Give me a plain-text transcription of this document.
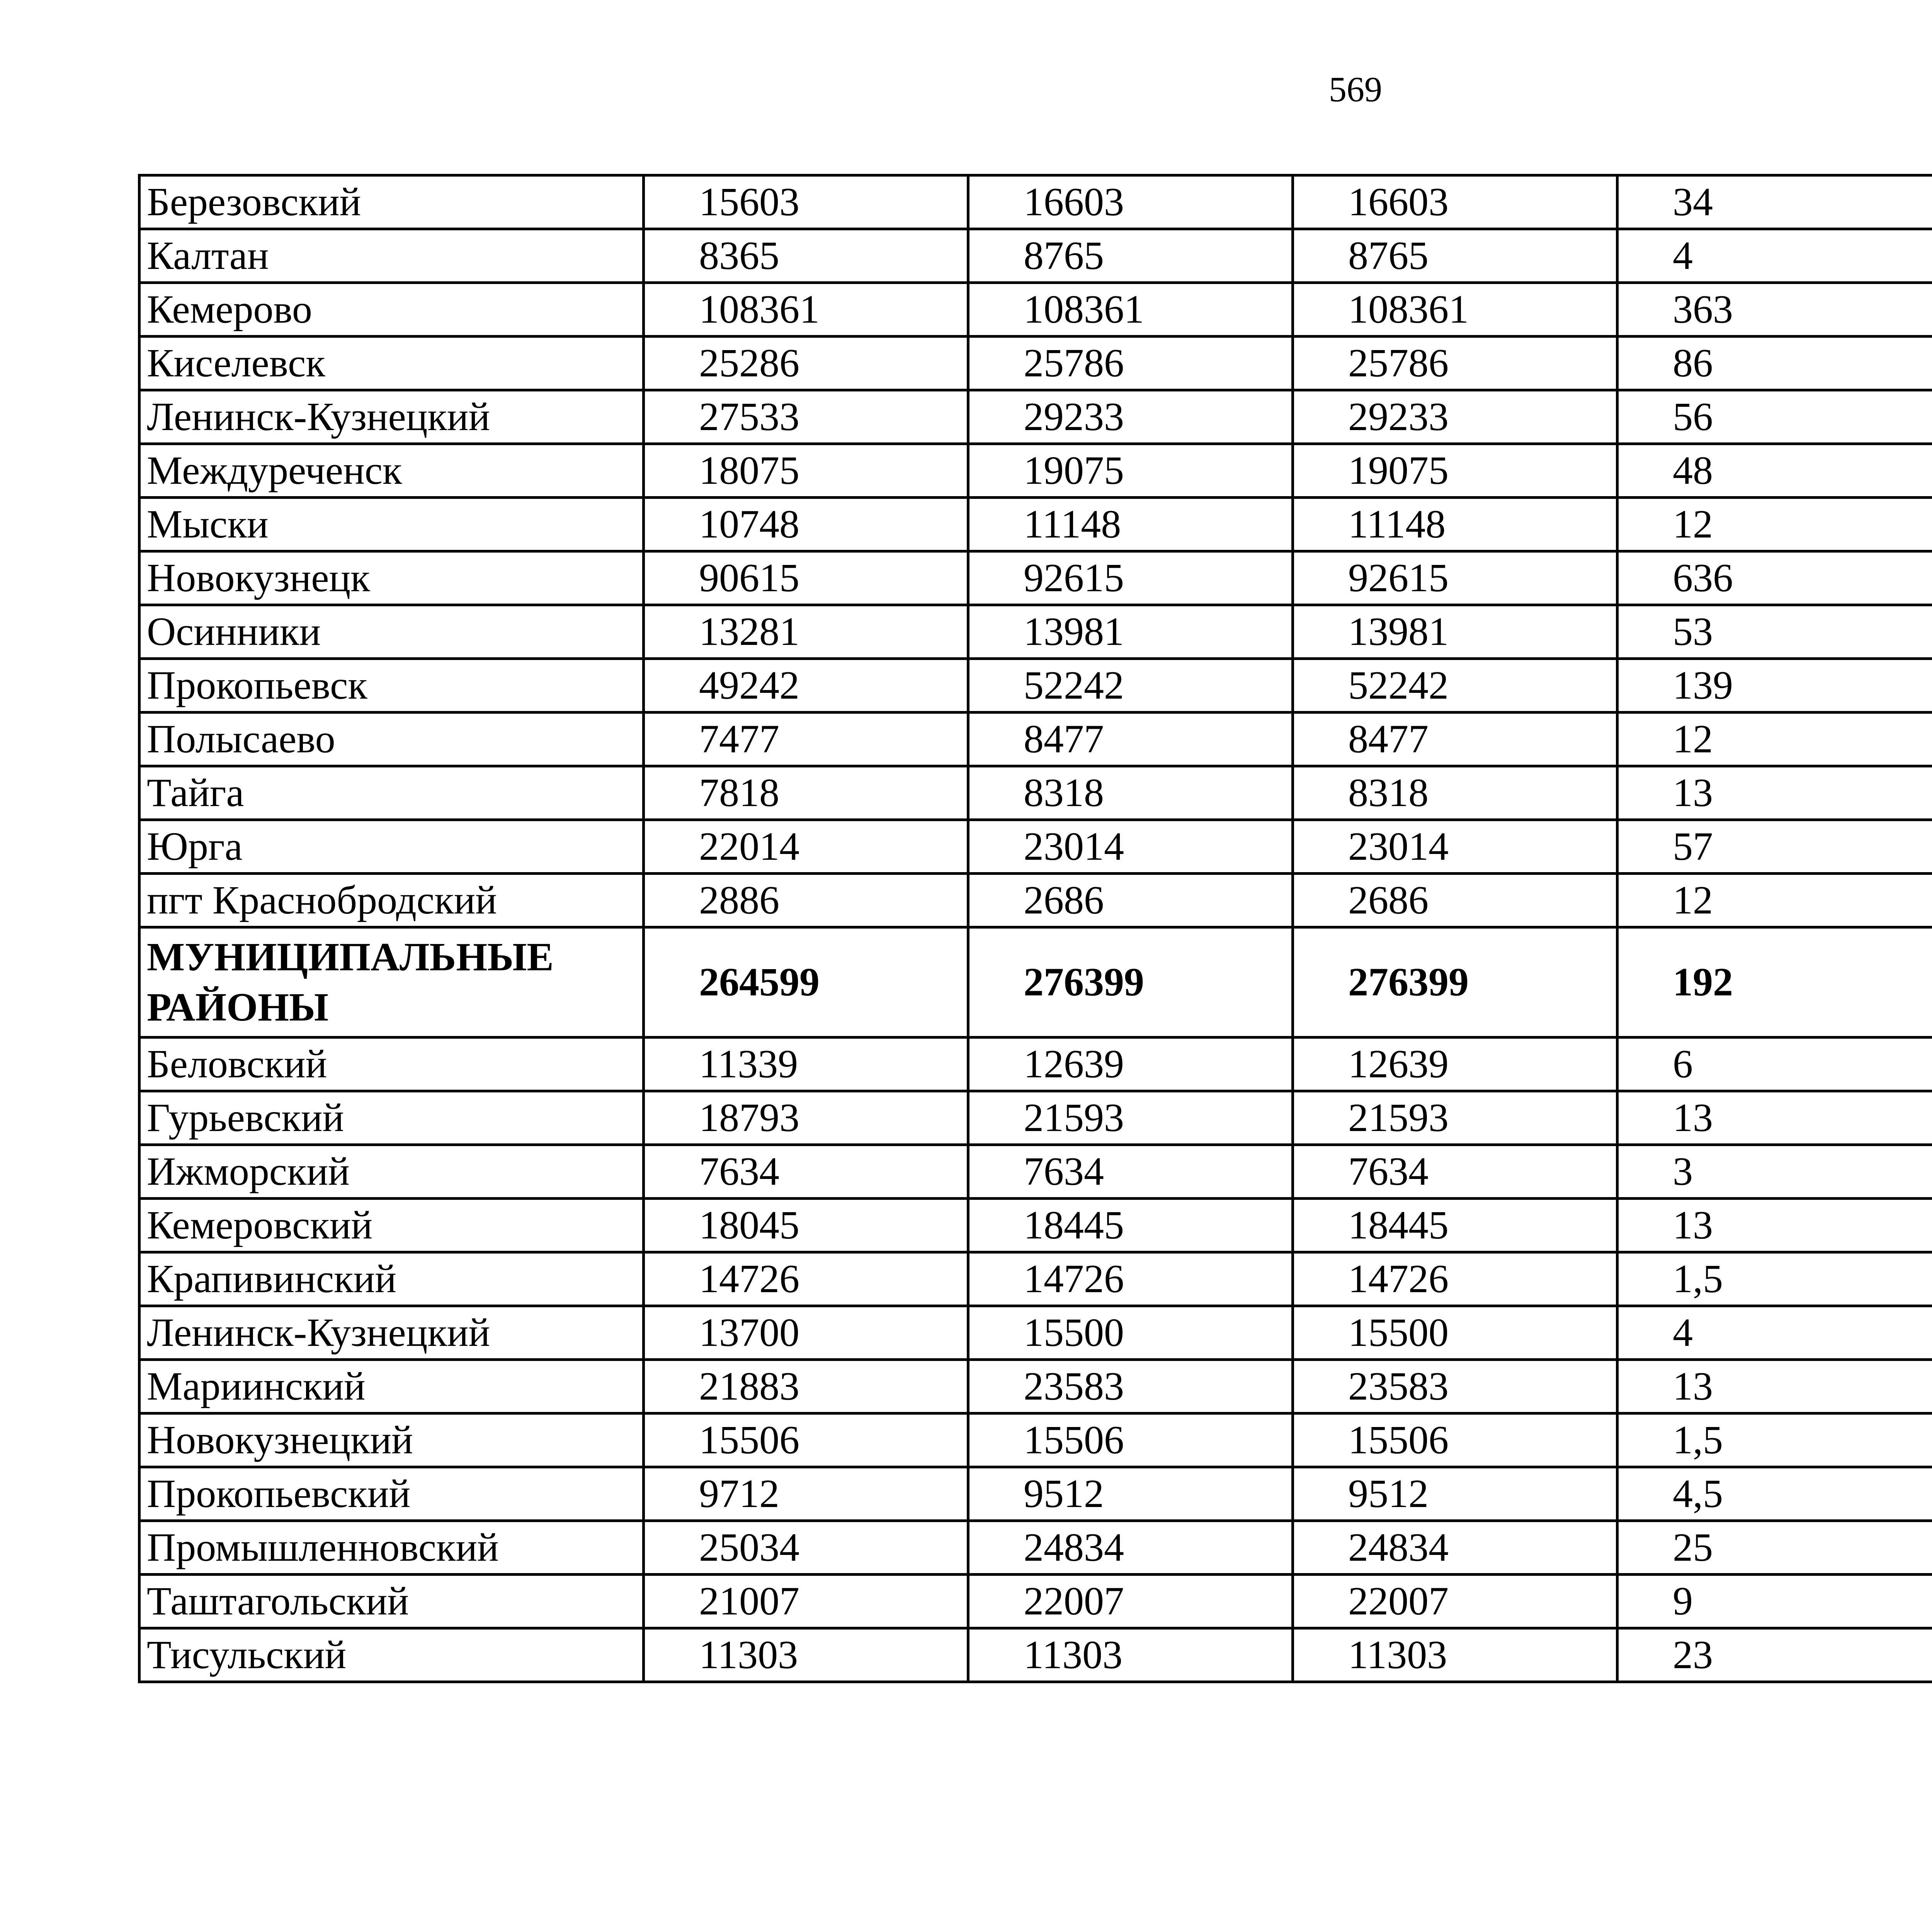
569
Березовский	15603	16603	16603	34		
Калтан	8365	8765	8765	4		
Кемерово	108361	108361	108361	363		
Киселевск	25286	25786	25786	86		
Ленинск-Кузнецкий	27533	29233	29233	56		
Междуреченск	18075	19075	19075	48		
Мыски	10748	11148	11148	12		
Новокузнецк	90615	92615	92615	636		
Осинники	13281	13981	13981	53		
Прокопьевск	49242	52242	52242	139		
Полысаево	7477	8477	8477	12		
Тайга	7818	8318	8318	13		
Юрга	22014	23014	23014	57		
пгт Краснобродский	2886	2686	2686	12		
МУНИЦИПАЛЬНЫЕ РАЙОНЫ	264599	276399	276399	192		
Беловский	11339	12639	12639	6		
Гурьевский	18793	21593	21593	13		
Ижморский	7634	7634	7634	3		
Кемеровский	18045	18445	18445	13		
Крапивинский	14726	14726	14726	1,5		
Ленинск-Кузнецкий	13700	15500	15500	4		
Мариинский	21883	23583	23583	13		
Новокузнецкий	15506	15506	15506	1,5		
Прокопьевский	9712	9512	9512	4,5		
Промышленновский	25034	24834	24834	25		
Таштагольский	21007	22007	22007	9		
Тисульский	11303	11303	11303	23		
